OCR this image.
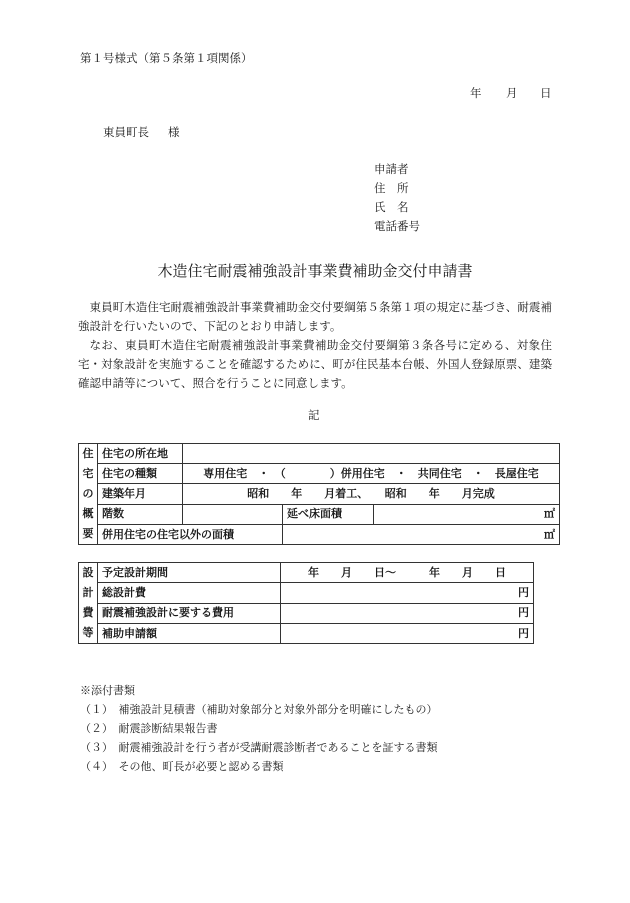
第１号様式（第５条第１項関係）
年 月 日
東員町長 様
申請者
住　所
氏　名
電話番号
木造住宅耐震補強設計事業費補助金交付申請書

東員町木造住宅耐震補強設計事業費補助金交付要綱第５条第１項の規定に基づき、耐震補強設計を行いたいので、下記のとおり申請します。

なお、東員町木造住宅耐震補強設計事業費補助金交付要綱第３条各号に定める、対象住宅・対象設計を実施することを確認するために、町が住民基本台帳、外国人登録原票、建築確認申請等について、照合を行うことに同意します。

記
住
宅
の
概
要	住宅の所在地			
	住宅の種類	専用住宅　・　（　　　　）併用住宅　・　共同住宅　・　長屋住宅		
	建築年月	昭和　　年　　月着工、　　昭和　　年　　月完成		
	階数		延べ床面積	㎡
	併用住宅の住宅以外の面積		㎡	
設
計
費
等	予定設計期間	年　　月　　日～　　　年　　月　　日
	総設計費	円
	耐震補強設計に要する費用	円
	補助申請額	円
※添付書類
（１）　補強設計見積書（補助対象部分と対象外部分を明確にしたもの）
（２）　耐震診断結果報告書
（３）　耐震補強設計を行う者が受講耐震診断者であることを証する書類
（４）　その他、町長が必要と認める書類
